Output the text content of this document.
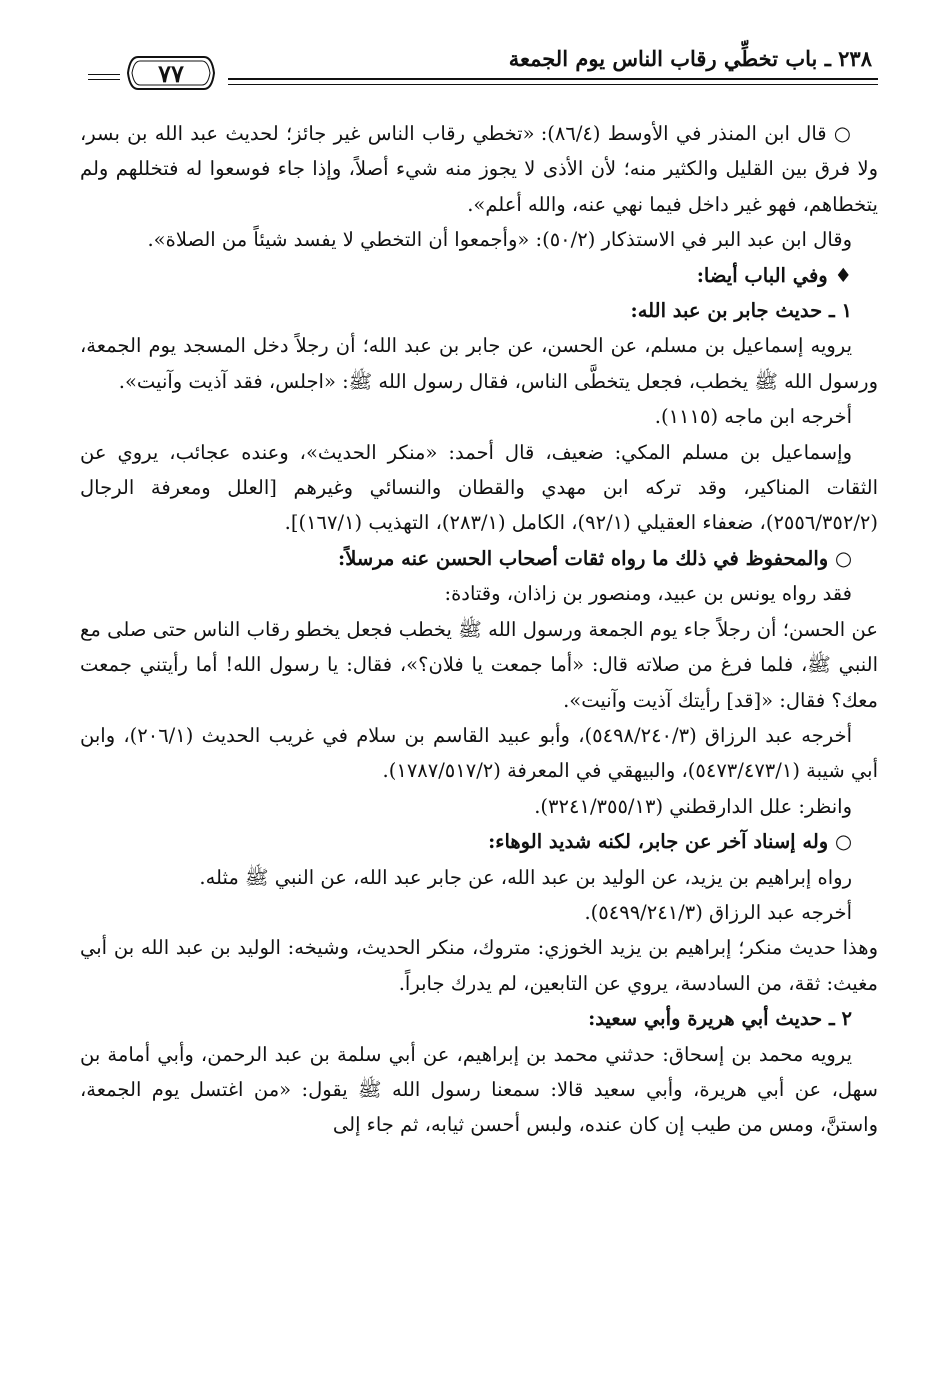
٢٣٨ ـ باب تخطِّي رقاب الناس يوم الجمعة
٧٧

○ قال ابن المنذر في الأوسط (٨٦/٤): «تخطي رقاب الناس غير جائز؛ لحديث عبد الله بن بسر، ولا فرق بين القليل والكثير منه؛ لأن الأذى لا يجوز منه شيء أصلاً، وإذا جاء فوسعوا له فتخللهم ولم يتخطاهم، فهو غير داخل فيما نهي عنه، والله أعلم».

وقال ابن عبد البر في الاستذكار (٥٠/٢): «وأجمعوا أن التخطي لا يفسد شيئاً من الصلاة».

♦ وفي الباب أيضا:

١ ـ حديث جابر بن عبد الله:

يرويه إسماعيل بن مسلم، عن الحسن، عن جابر بن عبد الله؛ أن رجلاً دخل المسجد يوم الجمعة، ورسول الله ﷺ يخطب، فجعل يتخطَّى الناس، فقال رسول الله ﷺ: «اجلس، فقد آذيت وآنيت».

أخرجه ابن ماجه (١١١٥).

وإسماعيل بن مسلم المكي: ضعيف، قال أحمد: «منكر الحديث»، وعنده عجائب، يروي عن الثقات المناكير، وقد تركه ابن مهدي والقطان والنسائي وغيرهم [العلل ومعرفة الرجال (٢٥٥٦/٣٥٢/٢)، ضعفاء العقيلي (٩٢/١)، الكامل (٢٨٣/١)، التهذيب (١٦٧/١)].

○ والمحفوظ في ذلك ما رواه ثقات أصحاب الحسن عنه مرسلاً:

فقد رواه يونس بن عبيد، ومنصور بن زاذان، وقتادة:

عن الحسن؛ أن رجلاً جاء يوم الجمعة ورسول الله ﷺ يخطب فجعل يخطو رقاب الناس حتى صلى مع النبي ﷺ، فلما فرغ من صلاته قال: «أما جمعت يا فلان؟»، فقال: يا رسول الله! أما رأيتني جمعت معك؟ فقال: «[قد] رأيتك آذيت وآنيت».

أخرجه عبد الرزاق (٥٤٩٨/٢٤٠/٣)، وأبو عبيد القاسم بن سلام في غريب الحديث (٢٠٦/١)، وابن أبي شيبة (٥٤٧٣/٤٧٣/١)، والبيهقي في المعرفة (١٧٨٧/٥١٧/٢).

وانظر: علل الدارقطني (٣٢٤١/٣٥٥/١٣).

○ وله إسناد آخر عن جابر، لكنه شديد الوهاء:

رواه إبراهيم بن يزيد، عن الوليد بن عبد الله، عن جابر عبد الله، عن النبي ﷺ مثله.

أخرجه عبد الرزاق (٥٤٩٩/٢٤١/٣).

وهذا حديث منكر؛ إبراهيم بن يزيد الخوزي: متروك، منكر الحديث، وشيخه: الوليد بن عبد الله بن أبي مغيث: ثقة، من السادسة، يروي عن التابعين، لم يدرك جابراً.

٢ ـ حديث أبي هريرة وأبي سعيد:

يرويه محمد بن إسحاق: حدثني محمد بن إبراهيم، عن أبي سلمة بن عبد الرحمن، وأبي أمامة بن سهل، عن أبي هريرة، وأبي سعيد قالا: سمعنا رسول الله ﷺ يقول: «من اغتسل يوم الجمعة، واستنَّ، ومس من طيب إن كان عنده، ولبس أحسن ثيابه، ثم جاء إلى
